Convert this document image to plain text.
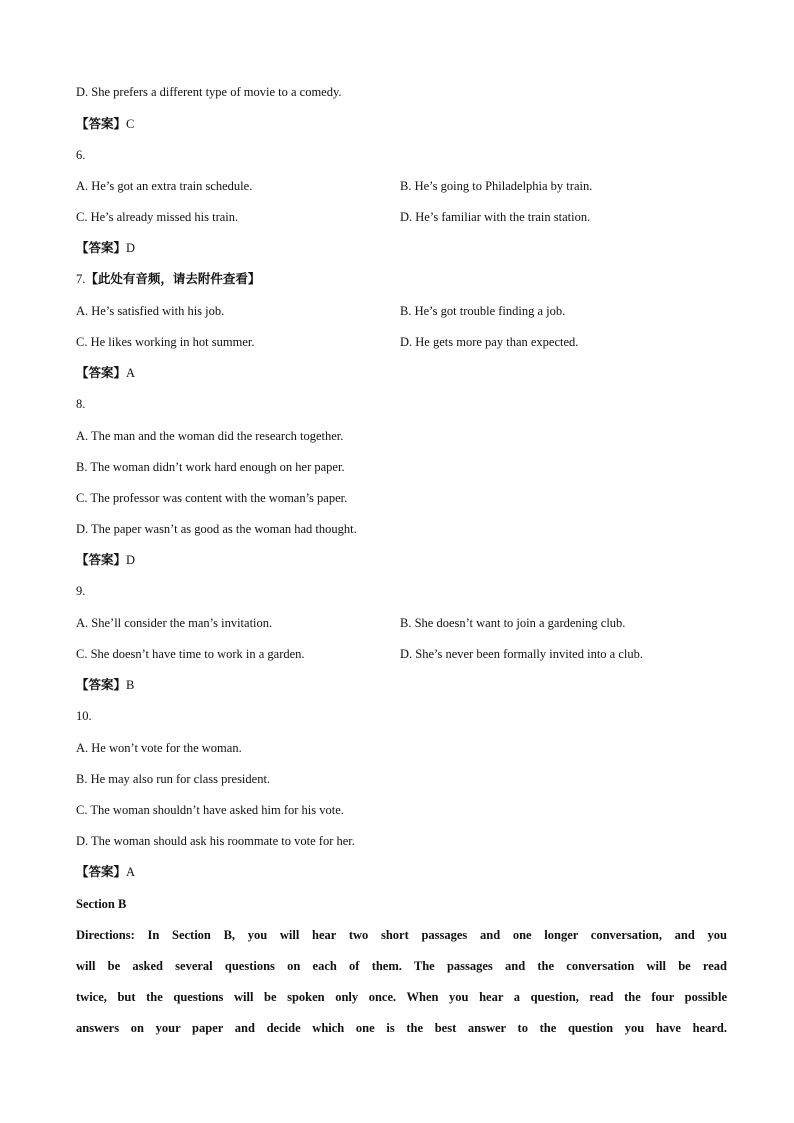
D. She prefers a different type of movie to a comedy.
【答案】C
6.
A. He’s got an extra train schedule.	B. He’s going to Philadelphia by train.
C. He’s already missed his train.	D. He’s familiar with the train station.
【答案】D
7.【此处有音频，请去附件查看】
A. He’s satisfied with his job.	B. He’s got trouble finding a job.
C. He likes working in hot summer.	D. He gets more pay than expected.
【答案】A
8.
A. The man and the woman did the research together.
B. The woman didn’t work hard enough on her paper.
C. The professor was content with the woman’s paper.
D. The paper wasn’t as good as the woman had thought.
【答案】D
9.
A. She’ll consider the man’s invitation.	B. She doesn’t want to join a gardening club.
C. She doesn’t have time to work in a garden.	D. She’s never been formally invited into a club.
【答案】B
10.
A. He won’t vote for the woman.
B. He may also run for class president.
C. The woman shouldn’t have asked him for his vote.
D. The woman should ask his roommate to vote for her.
【答案】A
Section B
Directions: In Section B, you will hear two short passages and one longer conversation, and you
will be asked several questions on each of them. The passages and the conversation will be read
twice, but the questions will be spoken only once. When you hear a question, read the four possible
answers on your paper and decide which one is the best answer to the question you have heard.
